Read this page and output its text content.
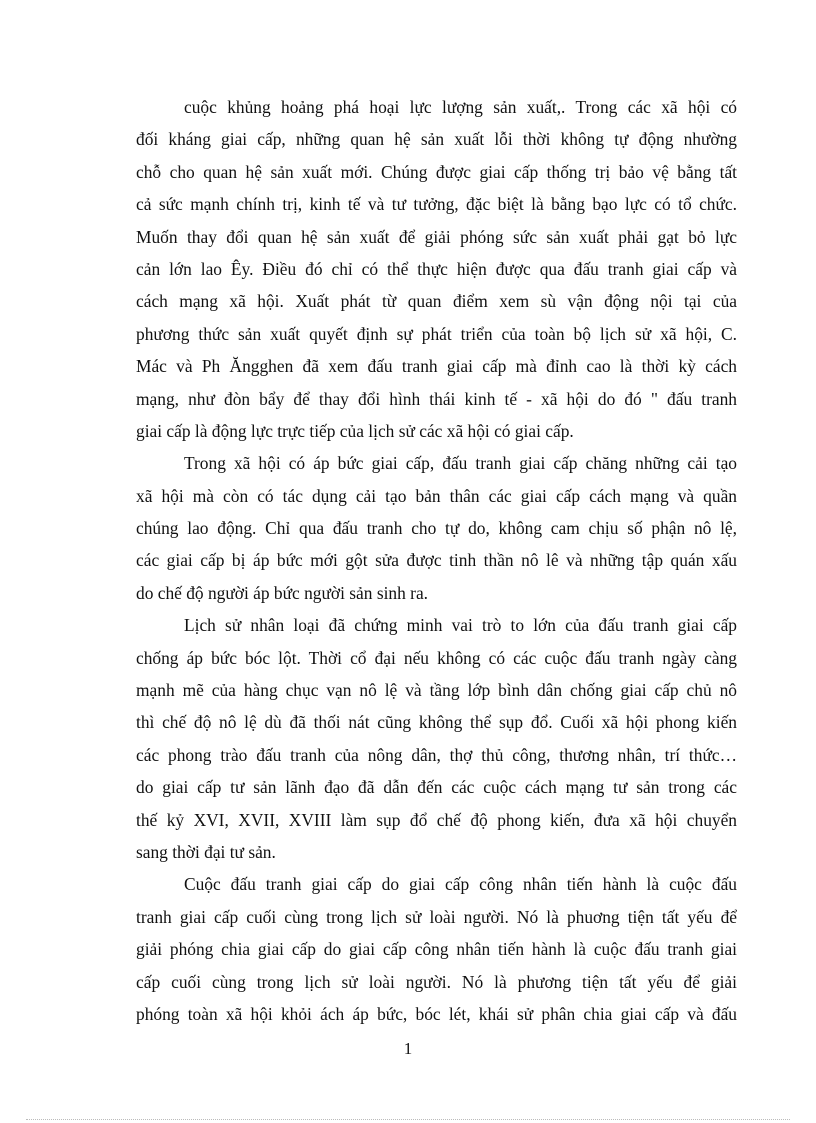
cuộc khủng hoảng phá hoại lực lượng sản xuất,. Trong các xã hội có
đối kháng giai cấp, những quan hệ sản xuất lỗi thời không tự động nhường
chỗ cho quan hệ sản xuất mới. Chúng được giai cấp thống trị bảo vệ bằng tất
cả sức mạnh chính trị, kinh tế và tư tưởng, đặc biệt là bằng bạo lực có tổ chức.
Muốn thay đổi quan hệ sản xuất để giải phóng sức sản xuất phải gạt bỏ lực
cản lớn lao Êy. Điều đó chỉ có thể thực hiện được qua đấu tranh giai cấp và
cách mạng xã hội. Xuất phát từ quan điểm xem sù vận động nội tại của
phương thức sản xuất quyết định sự phát triển của toàn bộ lịch sử xã hội, C.
Mác và Ph Ăngghen đã xem đấu tranh giai cấp mà đỉnh cao là thời kỳ cách
mạng, như đòn bẩy để thay đổi hình thái kinh tế - xã hội do đó " đấu tranh
giai cấp là động lực trực tiếp của lịch sử các xã hội có giai cấp.

Trong xã hội có áp bức giai cấp, đấu tranh giai cấp chăng những cải tạo
xã hội mà còn có tác dụng cải tạo bản thân các giai cấp cách mạng và quần
chúng lao động. Chỉ qua đấu tranh cho tự do, không cam chịu số phận nô lệ,
các giai cấp bị áp bức mới gột sửa được tinh thần nô lê và những tập quán xấu
do chế độ người áp bức người sản sinh ra.

Lịch sử nhân loại đã chứng minh vai trò to lớn của đấu tranh giai cấp
chống áp bức bóc lột. Thời cổ đại nếu không có các cuộc đấu tranh ngày càng
mạnh mẽ của hàng chục vạn nô lệ và tầng lớp bình dân chống giai cấp chủ nô
thì chế độ nô lệ dù đã thối nát cũng không thể sụp đổ. Cuối xã hội phong kiến
các phong trào đấu tranh của nông dân, thợ thủ công, thương nhân, trí thức…
do giai cấp tư sản lãnh đạo đã dẫn đến các cuộc cách mạng tư sản trong các
thế kỷ XVI, XVII, XVIII làm sụp đổ chế độ phong kiến, đưa xã hội chuyển
sang thời đại tư sản.

Cuộc đấu tranh giai cấp do giai cấp công nhân tiến hành là cuộc đấu
tranh giai cấp cuối cùng trong lịch sử loài người. Nó là phuơng tiện tất yếu để
giải phóng chia giai cấp do giai cấp công nhân tiến hành là cuộc đấu tranh giai
cấp cuối cùng trong lịch sử loài người. Nó là phương tiện tất yếu để giải
phóng toàn xã hội khỏi ách áp bức, bóc lét, khái sử phân chia giai cấp và đấu

1
